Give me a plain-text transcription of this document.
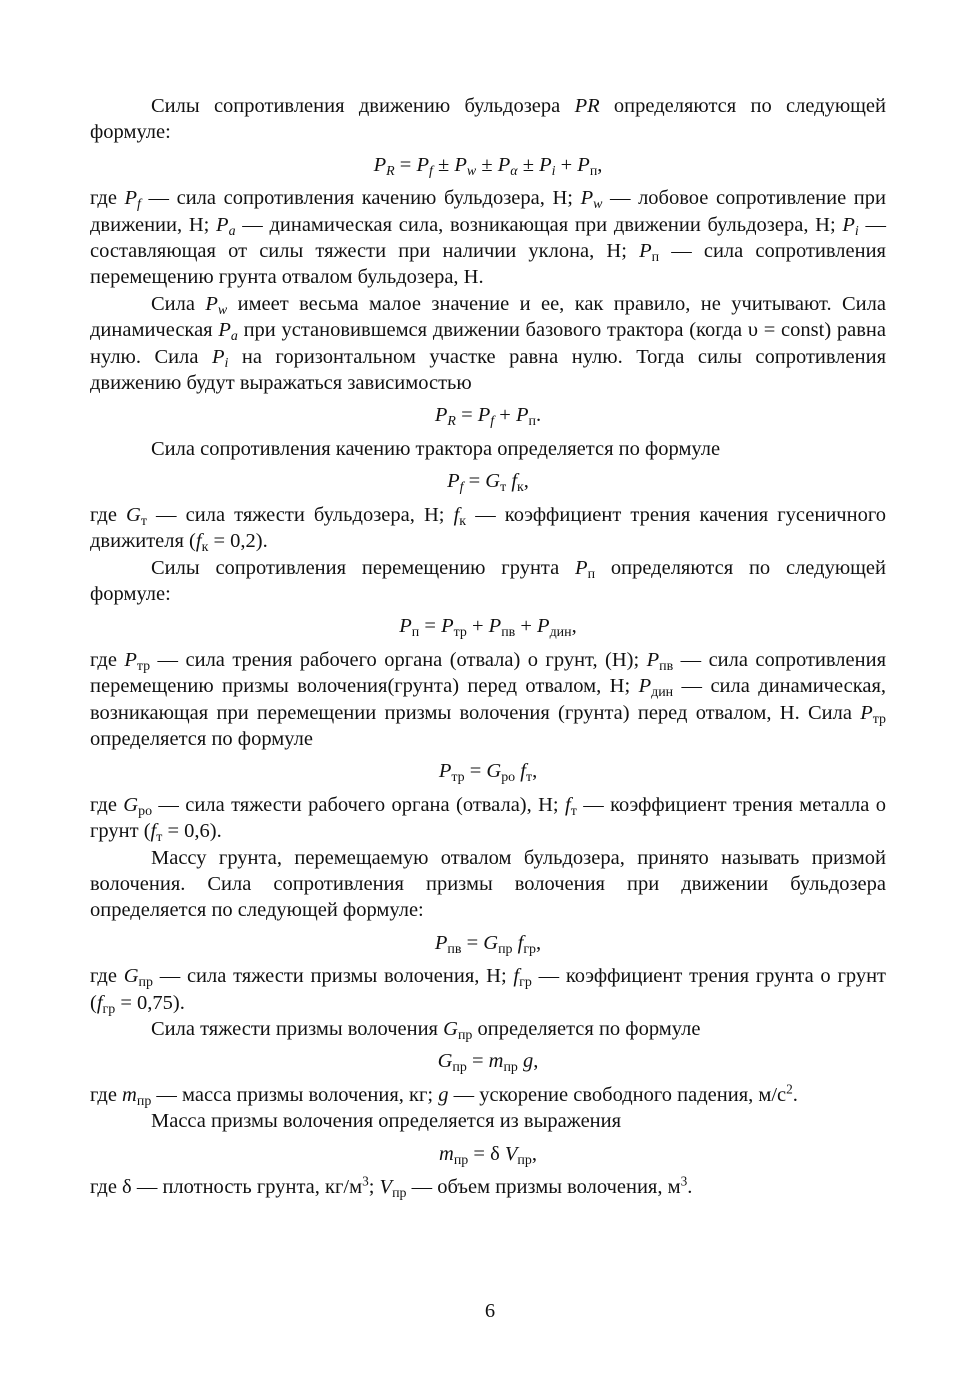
Силы сопротивления движению бульдозера PR определяются по следующей формуле:

PR = Pf ± Pw ± Pα ± Pi + Pп,

где Pf — сила сопротивления качению бульдозера, Н; Pw — лобовое сопротивление при движении, Н; Pa — динамическая сила, возникающая при движении бульдозера, Н; Pi — составляющая от силы тяжести при наличии уклона, Н; Pп — сила сопротивления перемещению грунта отвалом бульдозера, Н.

Сила Pw имеет весьма малое значение и ее, как правило, не учитывают. Сила динамическая Pa при установившемся движении базового трактора (когда υ = const) равна нулю. Сила Pi на горизонтальном участке равна нулю. Тогда силы сопротивления движению будут выражаться зависимостью

PR = Pf + Pп.

Сила сопротивления качению трактора определяется по формуле

Pf = Gт fк,

где Gт — сила тяжести бульдозера, Н; fк — коэффициент трения качения гусеничного движителя (fк = 0,2).

Силы сопротивления перемещению грунта Pп определяются по следующей формуле:

Pп = Pтр + Pпв + Pдин,

где Pтр — сила трения рабочего органа (отвала) о грунт, (Н); Pпв — сила сопротивления перемещению призмы волочения(грунта) перед отвалом, Н; Pдин — сила динамическая, возникающая при перемещении призмы волочения (грунта) перед отвалом, Н. Сила Pтр определяется по формуле

Pтр = Gро fт,

где Gро — сила тяжести рабочего органа (отвала), Н; fт — коэффициент трения металла о грунт (fт = 0,6).

Массу грунта, перемещаемую отвалом бульдозера, принято называть призмой волочения. Сила сопротивления призмы волочения при движении бульдозера определяется по следующей формуле:

Pпв = Gпр fгр,

где Gпр — сила тяжести призмы волочения, Н; fгр — коэффициент трения грунта о грунт (fгр = 0,75).

Сила тяжести призмы волочения Gпр определяется по формуле

Gпр = mпр g,

где mпр — масса призмы волочения, кг; g — ускорение свободного падения, $м/с^2$.

Масса призмы волочения определяется из выражения

mпр = δ Vпр,

где δ — плотность грунта, $кг/м^3$; Vпр — объем призмы волочения, $м^3$.

6
